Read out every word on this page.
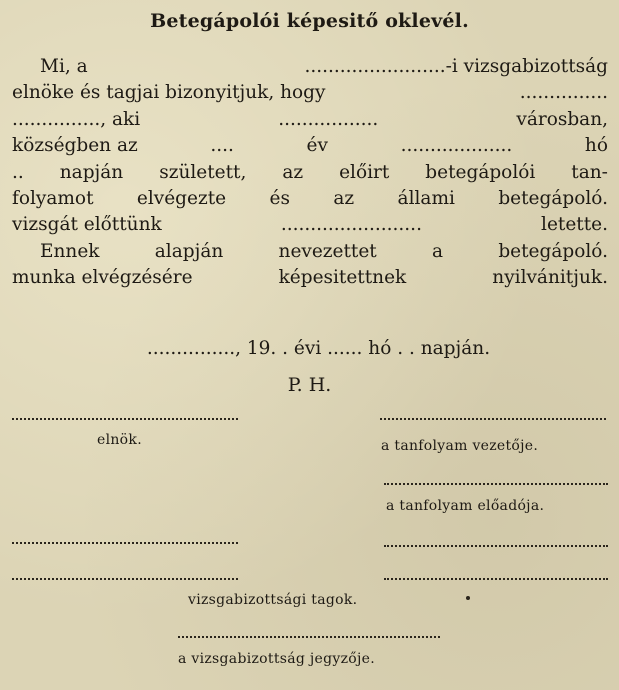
Betegápolói képesitő oklevél.
Mi, a	........................-i vizsgabizottság
elnöke és tagjai bizonyitjuk, hogy	...............
..............., aki	.................	városban,
községben az	....	év	...................	hó
.. napján született, az előirt betegápolói tan-
folyamot elvégezte és az állami betegápoló.
vizsgát előttünk	........................	letette.
Ennek	alapján	nevezettet	a	betegápoló.
munka elvégzésére	képesitettnek	nyilvánitjuk.
..............., 19. . évi ...... hó . . napján.
P. H.
elnök.	a tanfolyam vezetője.
a tanfolyam előadója.
vizsgabizottsági tagok.
a vizsgabizottság jegyzője.
